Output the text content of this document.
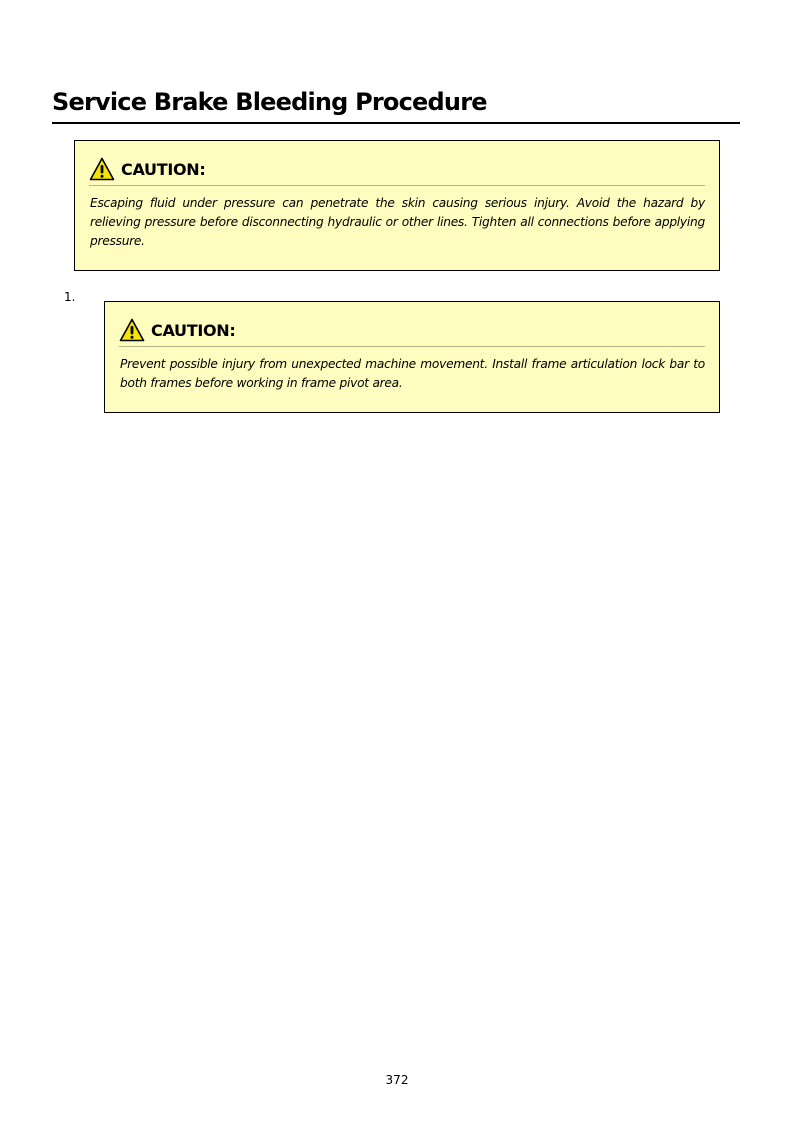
Service Brake Bleeding Procedure
CAUTION:

Escaping fluid under pressure can penetrate the skin causing serious injury. Avoid the hazard by relieving pressure before disconnecting hydraulic or other lines. Tighten all connections before applying pressure.

1.
CAUTION:

Prevent possible injury from unexpected machine movement. Install frame articulation lock bar to both frames before working in frame pivot area.

372
